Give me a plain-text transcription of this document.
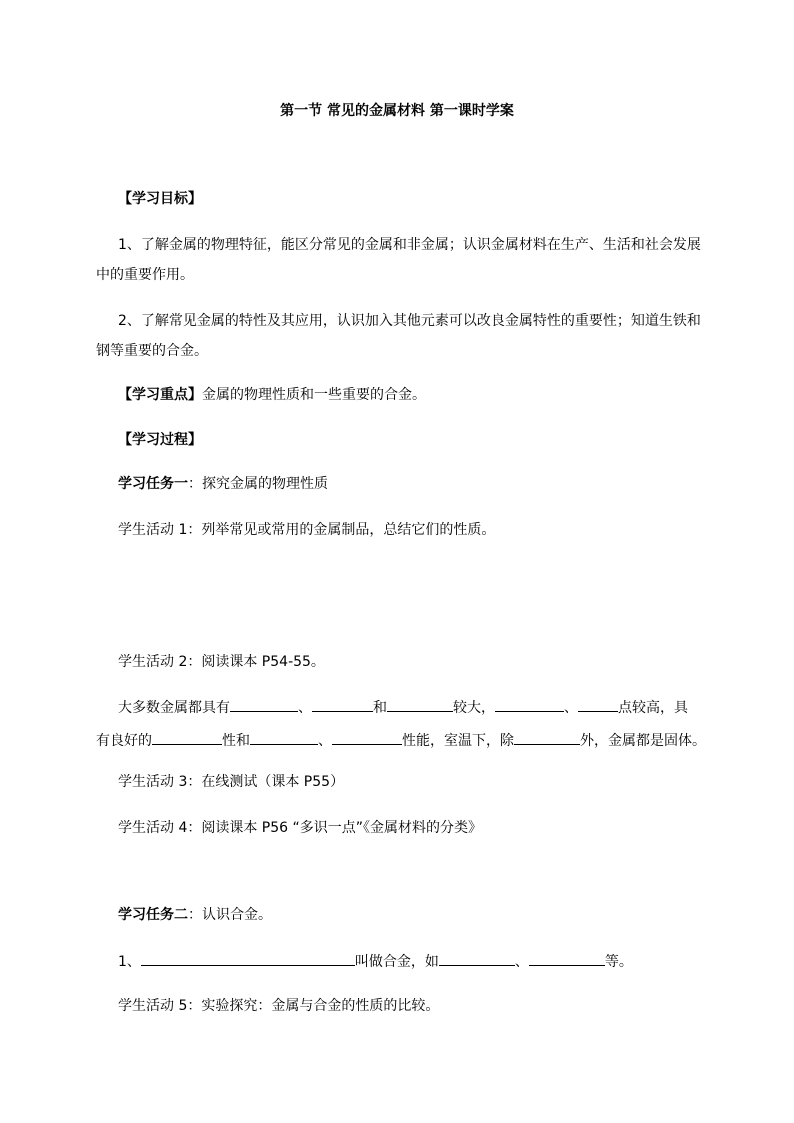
第一节 常见的金属材料 第一课时学案
【学习目标】
1、了解金属的物理特征，能区分常见的金属和非金属；认识金属材料在生产、生活和社会发展
中的重要作用。
2、了解常见金属的特性及其应用，认识加入其他元素可以改良金属特性的重要性；知道生铁和
钢等重要的合金。
【学习重点】金属的物理性质和一些重要的合金。
【学习过程】
学习任务一：探究金属的物理性质
学生活动 1：列举常见或常用的金属制品，总结它们的性质。
学生活动 2：阅读课本 P54-55。
大多数金属都具有	、	和	较大，	、	点较高，具
有良好的	性和	、	性能，室温下，除	外，金属都是固体。
学生活动 3：在线测试（课本 P55）
学生活动 4：阅读课本 P56 “多识一点”《金属材料的分类》
学习任务二：认识合金。
1、	叫做合金，如	、	等。
学生活动 5：实验探究：金属与合金的性质的比较。
